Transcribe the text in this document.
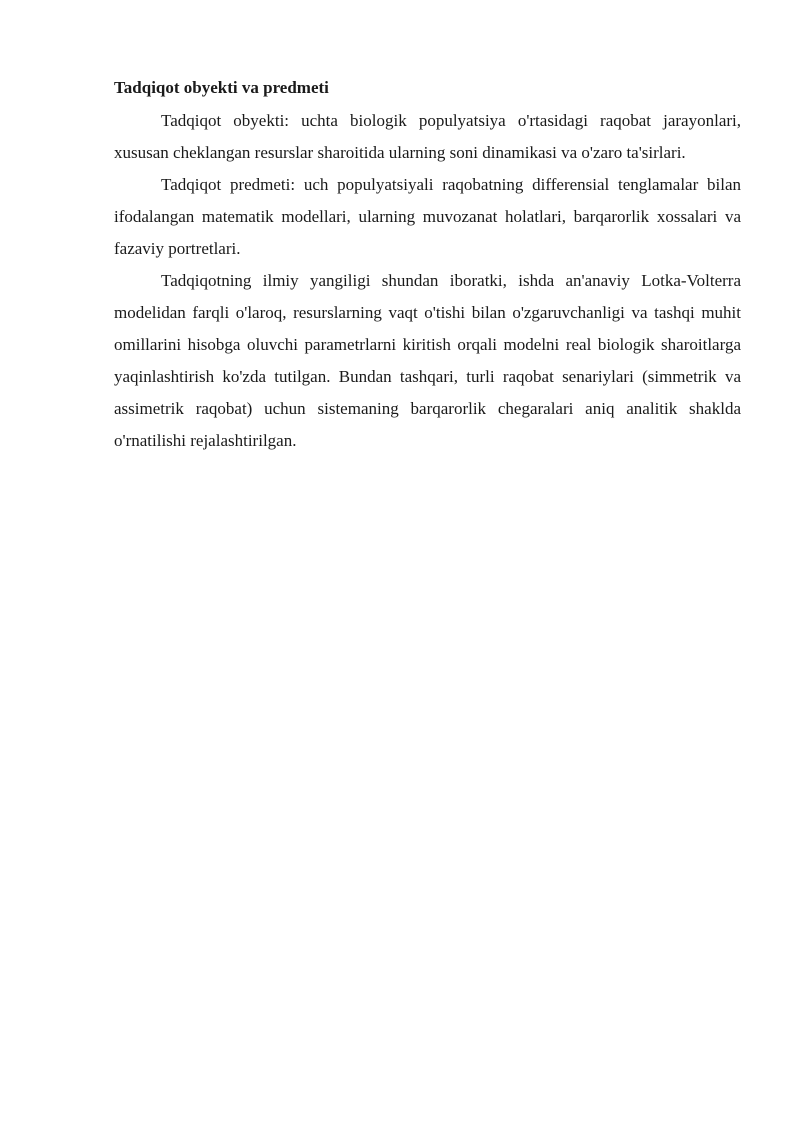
Tadqiqot obyekti va predmeti

Tadqiqot obyekti: uchta biologik populyatsiya o'rtasidagi raqobat jarayonlari, xususan cheklangan resurslar sharoitida ularning soni dinamikasi va o'zaro ta'sirlari.

Tadqiqot predmeti: uch populyatsiyali raqobatning differensial tenglamalar bilan ifodalangan matematik modellari, ularning muvozanat holatlari, barqarorlik xossalari va fazaviy portretlari.

Tadqiqotning ilmiy yangiligi shundan iboratki, ishda an'anaviy Lotka-Volterra modelidan farqli o'laroq, resurslarning vaqt o'tishi bilan o'zgaruvchanligi va tashqi muhit omillarini hisobga oluvchi parametrlarni kiritish orqali modelni real biologik sharoitlarga yaqinlashtirish ko'zda tutilgan. Bundan tashqari, turli raqobat senariylari (simmetrik va assimetrik raqobat) uchun sistemaning barqarorlik chegaralari aniq analitik shaklda o'rnatilishi rejalashtirilgan.
